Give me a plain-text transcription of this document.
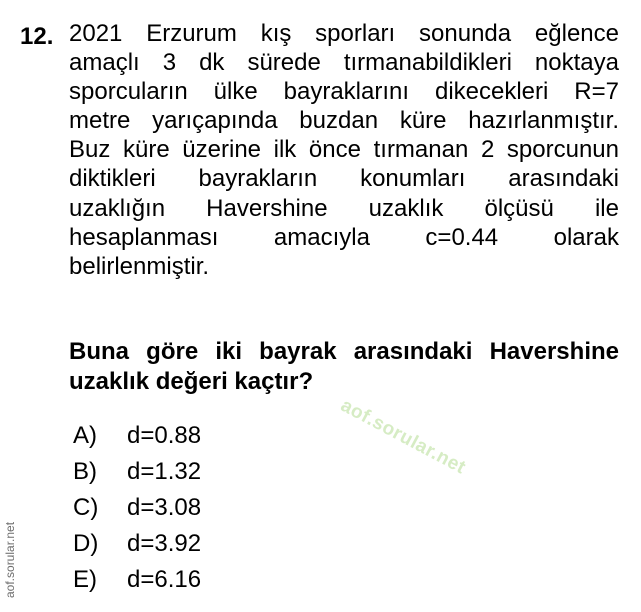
12. 2021 Erzurum kış sporları sonunda eğlence
amaçlı 3 dk sürede tırmanabildikleri noktaya
sporcuların ülke bayraklarını dikecekleri R=7
metre yarıçapında buzdan küre hazırlanmıştır.
Buz küre üzerine ilk önce tırmanan 2 sporcunun
diktikleri bayrakların konumları arasındaki
uzaklığın Havershine uzaklık ölçüsü ile
hesaplanması amacıyla c=0.44 olarak
belirlenmiştir.
Buna göre iki bayrak arasındaki Havershine
uzaklık değeri kaçtır?
aof.sorular.net
A) d=0.88
B) d=1.32
C) d=3.08
D) d=3.92
E) d=6.16
aof.sorular.net
